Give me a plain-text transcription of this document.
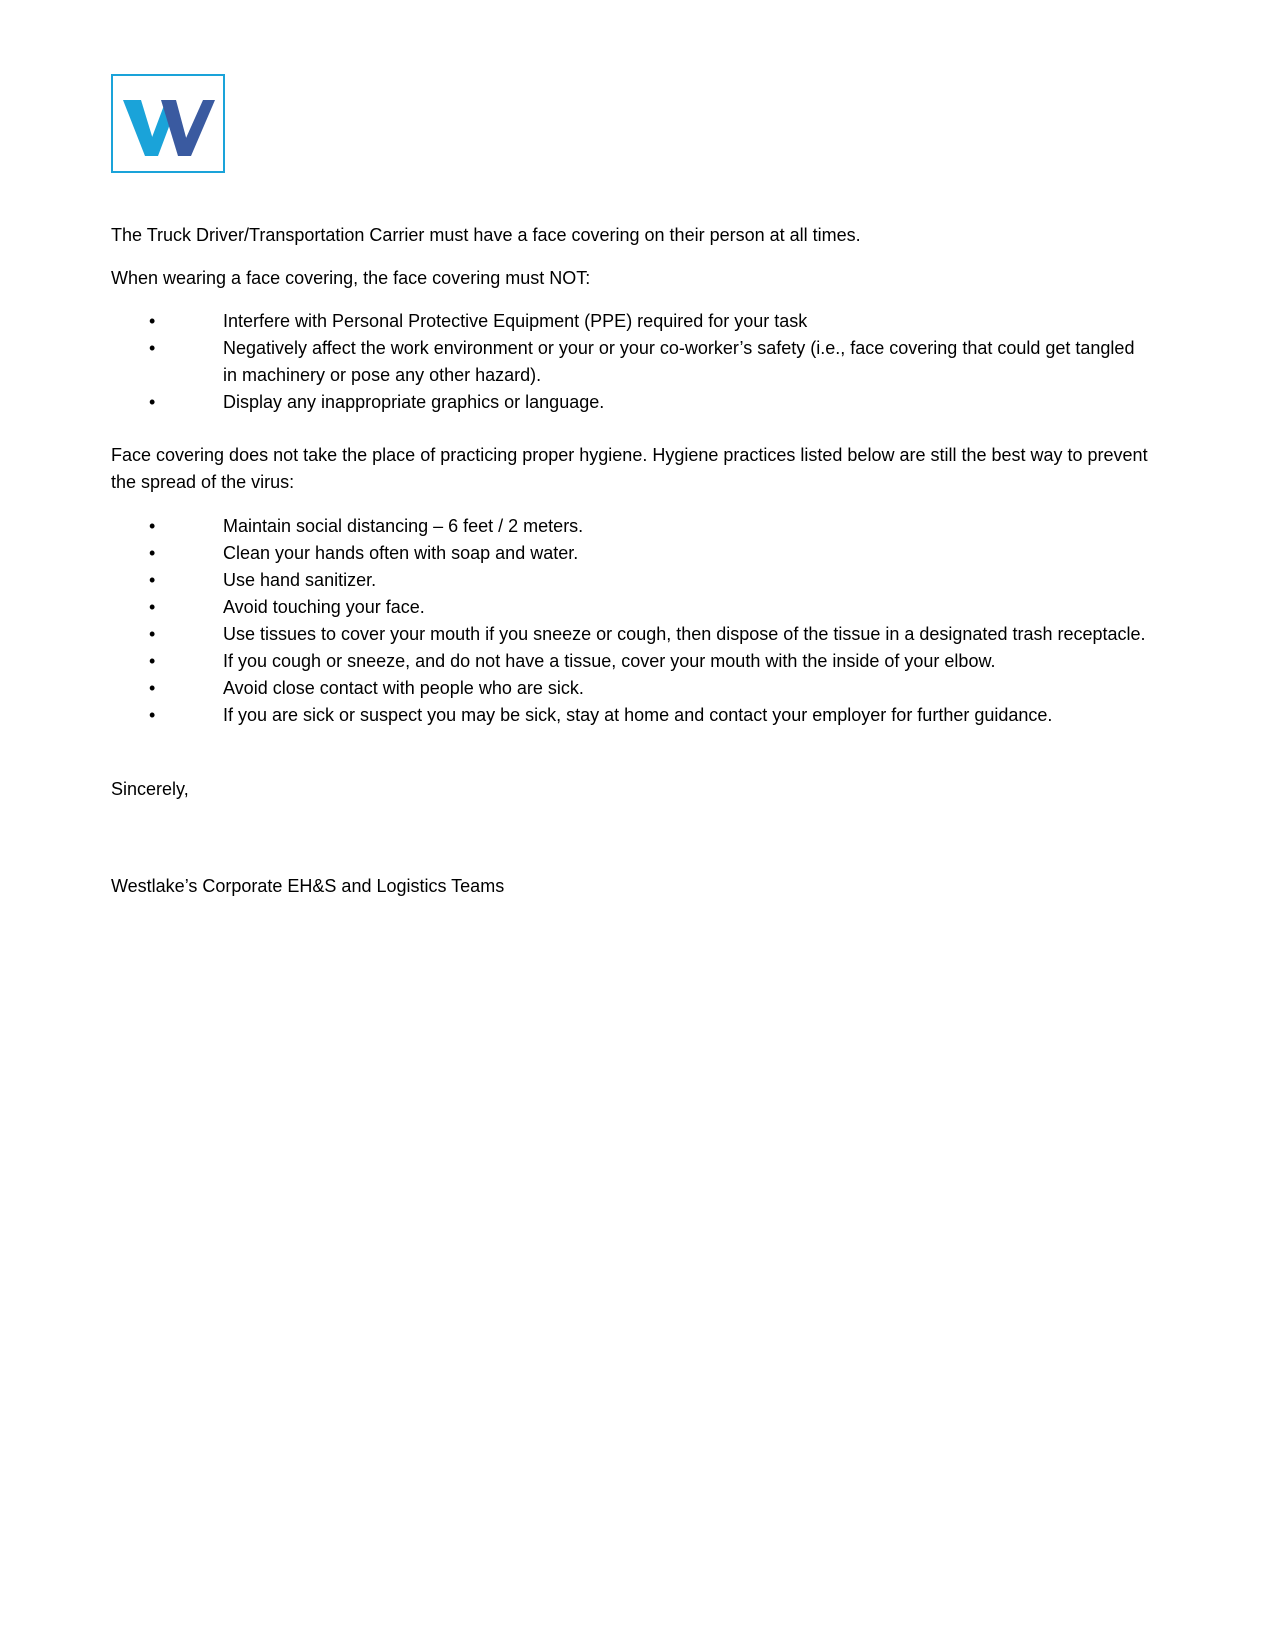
The Truck Driver/Transportation Carrier must have a face covering on their person at all times.

When wearing a face covering, the face covering must NOT:

•	Interfere with Personal Protective Equipment (PPE) required for your task
•	Negatively affect the work environment or your or your co-worker’s safety (i.e., face covering that could get tangled in machinery or pose any other hazard).
•	Display any inappropriate graphics or language.

Face covering does not take the place of practicing proper hygiene. Hygiene practices listed below are still the best way to prevent the spread of the virus:

•	Maintain social distancing – 6 feet / 2 meters.
•	Clean your hands often with soap and water.
•	Use hand sanitizer.
•	Avoid touching your face.
•	Use tissues to cover your mouth if you sneeze or cough, then dispose of the tissue in a designated trash receptacle.
•	If you cough or sneeze, and do not have a tissue, cover your mouth with the inside of your elbow.
•	Avoid close contact with people who are sick.
•	If you are sick or suspect you may be sick, stay at home and contact your employer for further guidance.

Sincerely,

Westlake’s Corporate EH&S and Logistics Teams
